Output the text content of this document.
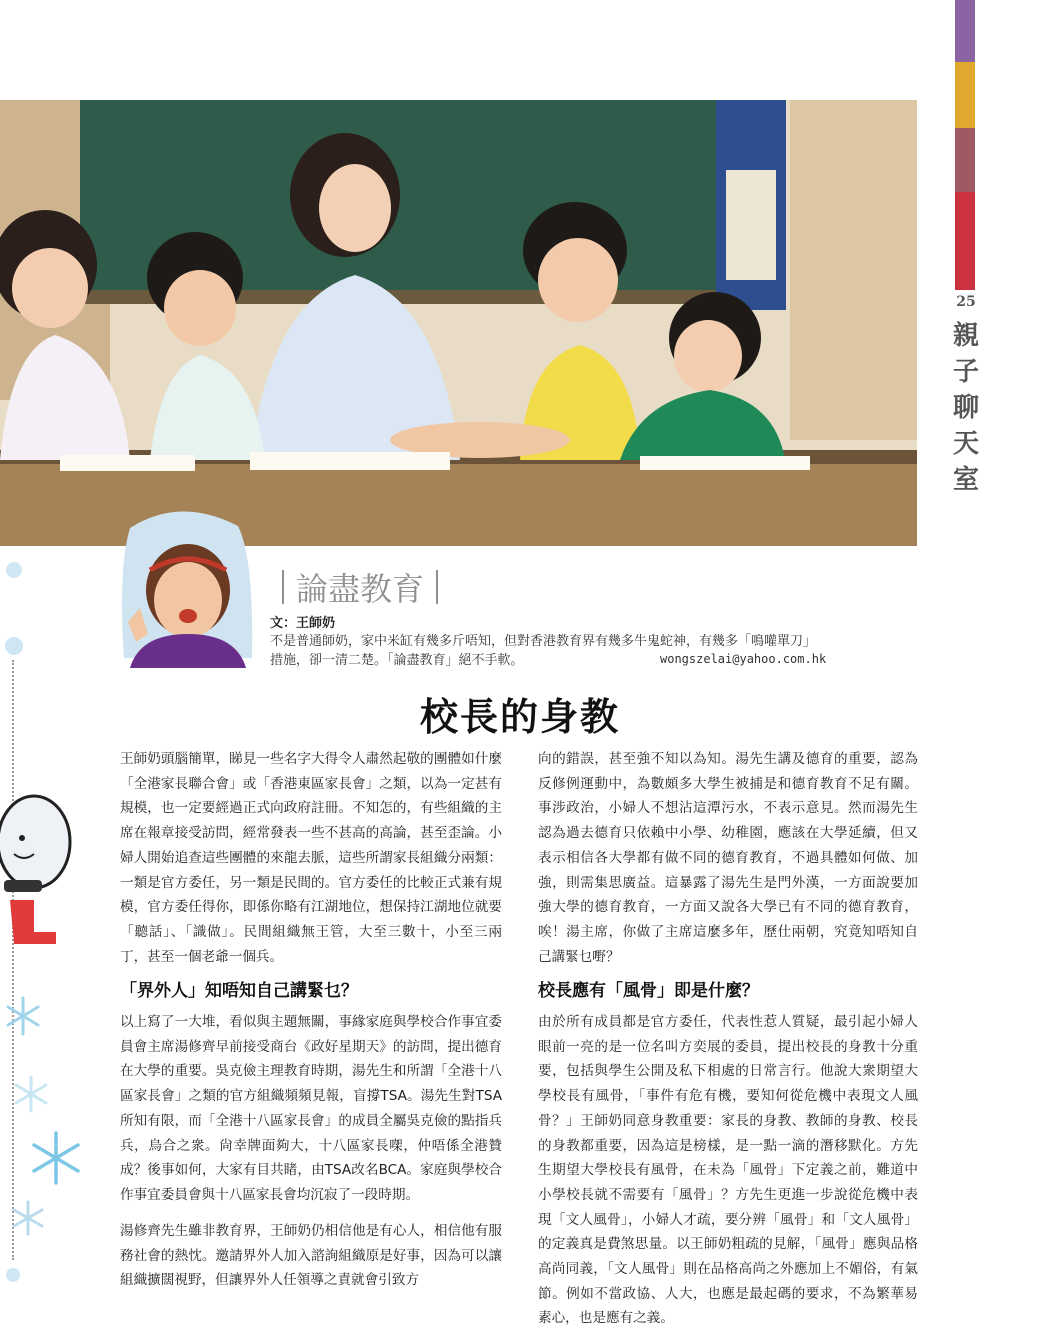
25
親子聊天室
論盡教育
文：王師奶
不是普通師奶，家中米缸有幾多斤唔知，但對香港教育界有幾多牛鬼蛇神，有幾多「鳴嚾單刀」措施，卻一清二楚。「論盡教育」絕不手軟。	wongszelai@yahoo.com.hk
校長的身教
王師奶頭腦簡單，睇見一些名字大得令人肅然起敬的團體如什麼「全港家長聯合會」或「香港東區家長會」之類，以為一定甚有規模，也一定要經過正式向政府註冊。不知怎的，有些組織的主席在報章接受訪問，經常發表一些不甚高的高論，甚至歪論。小婦人開始追查這些團體的來龍去脈，這些所謂家長組織分兩類：一類是官方委任，另一類是民間的。官方委任的比較正式兼有規模，官方委任得你，即係你略有江湖地位，想保持江湖地位就要「聽話」、「識做」。民間組織無王管，大至三數十，小至三兩丁，甚至一個老爺一個兵。
「界外人」知唔知自己講緊乜？
以上寫了一大堆，看似與主題無關，事緣家庭與學校合作事宜委員會主席湯修齊早前接受商台《政好星期天》的訪問，提出德育在大學的重要。吳克儉主理教育時期，湯先生和所謂「全港十八區家長會」之類的官方組織頻頻見報，盲撐TSA。湯先生對TSA所知有限，而「全港十八區家長會」的成員全屬吳克儉的點指兵兵，烏合之衆。尙幸牌面夠大，十八區家長㗎，仲唔係全港贊成？後事如何，大家有目共睹，由TSA改名BCA。家庭與學校合作事宜委員會與十八區家長會均沉寂了一段時期。
湯修齊先生雖非教育界，王師奶仍相信他是有心人，相信他有服務社會的熱忱。邀請界外人加入諮詢組織原是好事，因為可以讓組織擴闊視野，但讓界外人任領導之責就會引致方
向的錯誤，甚至強不知以為知。湯先生講及德育的重要，認為反修例運動中，為數頗多大學生被捕是和德育教育不足有關。事涉政治，小婦人不想沾這潭污水，不表示意見。然而湯先生認為過去德育只依賴中小學、幼稚園，應該在大學延續，但又表示相信各大學都有做不同的德育教育，不過具體如何做、加強，則需集思廣益。這暴露了湯先生是門外漢，一方面說要加強大學的德育教育，一方面又說各大學已有不同的德育教育，唉！湯主席，你做了主席這麼多年，歷仕兩朝，究竟知唔知自己講緊乜嘢？
校長應有「風骨」即是什麼？
由於所有成員都是官方委任，代表性惹人質疑，最引起小婦人眼前一亮的是一位名叫方奕展的委員，提出校長的身教十分重要，包括與學生公開及私下相處的日常言行。他說大衆期望大學校長有風骨，「事件有危有機，要知何從危機中表現文人風骨？」王師奶同意身教重要：家長的身教、教師的身教、校長的身教都重要，因為這是榜樣，是一點一滴的潛移默化。方先生期望大學校長有風骨，在未為「風骨」下定義之前，難道中小學校長就不需要有「風骨」？方先生更進一步說從危機中表現「文人風骨」，小婦人才疏，要分辨「風骨」和「文人風骨」的定義真是費煞思量。以王師奶粗疏的見解，「風骨」應與品格高尚同義，「文人風骨」則在品格高尚之外應加上不媚俗，有氣節。例如不當政協、人大，也應是最起碼的要求，不為繁華易素心，也是應有之義。
